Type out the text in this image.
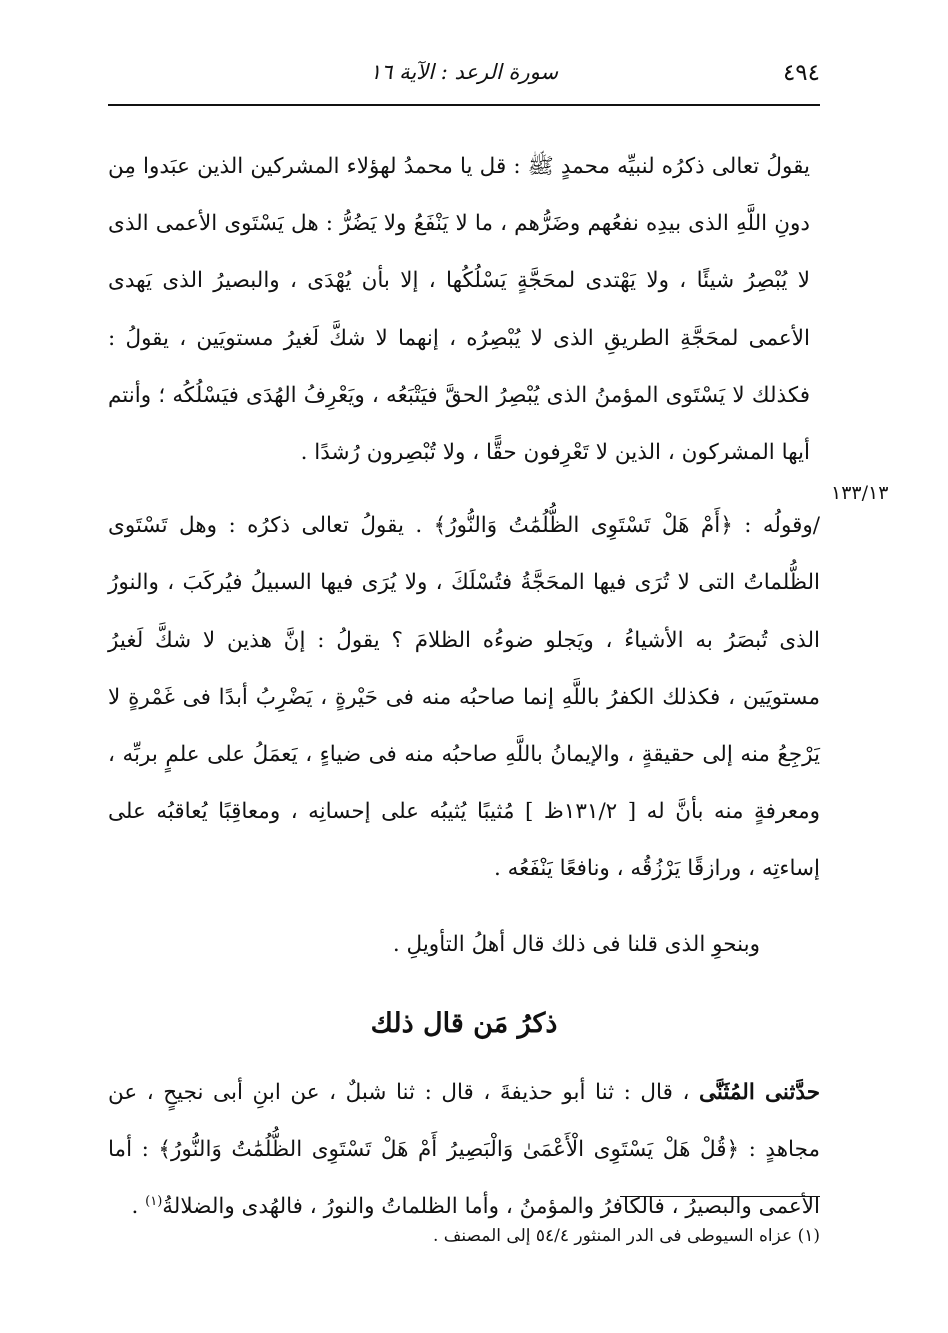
٤٩٤
سورة الرعد : الآية ١٦
١٣٣/١٣

يقولُ تعالى ذكرُه لنبيِّه محمدٍ ﷺ : قل يا محمدُ لهؤلاء المشركين الذين عبَدوا مِن دونِ اللَّهِ الذى بيدِه نفعُهم وضَرُّهم ، ما لا يَنْفَعُ ولا يَضُرُّ : هل يَسْتَوى الأعمى الذى لا يُبْصِرُ شيئًا ، ولا يَهْتدى لمحَجَّةٍ يَسْلُكُها ، إلا بأن يُهْدَى ، والبصيرُ الذى يَهدى الأعمى لمحَجَّةِ الطريقِ الذى لا يُبْصِرُه ، إنهما لا شكَّ لَغيرُ مستويَين ، يقولُ : فكذلك لا يَسْتَوى المؤمنُ الذى يُبْصِرُ الحقَّ فيَتْبَعُه ، ويَعْرِفُ الهُدَى فيَسْلُكُه ؛ وأنتم أيها المشركون ، الذين لا تَعْرِفون حقًّا ، ولا تُبْصِرون رُشدًا .

/وقولُه : ﴿أَمْ هَلْ تَسْتَوِى الظُّلُمَٰتُ وَالنُّورُ﴾ . يقولُ تعالى ذكرُه : وهل تَسْتَوى الظُّلماتُ التى لا تُرَى فيها المحَجَّةُ فتُسْلَكَ ، ولا يُرَى فيها السبيلُ فيُركَبَ ، والنورُ الذى تُبصَرُ به الأشياءُ ، ويَجلو ضوءُه الظلامَ ؟ يقولُ : إنَّ هذين لا شكَّ لَغيرُ مستويَين ، فكذلك الكفرُ باللَّهِ إنما صاحبُه منه فى حَيْرةٍ ، يَضْرِبُ أبدًا فى غَمْرةٍ لا يَرْجِعُ منه إلى حقيقةٍ ، والإيمانُ باللَّهِ صاحبُه منه فى ضياءٍ ، يَعمَلُ على علمٍ بربِّه ، ومعرفةٍ منه بأنَّ له [ ١٣١/٢ظ ] مُثيبًا يُثيبُه على إحسانِه ، ومعاقِبًا يُعاقبُه على إساءتِه ، ورازقًا يَرْزُقُه ، ونافعًا يَنْفَعُه .

وبنحوِ الذى قلنا فى ذلك قال أهلُ التأويلِ .

ذكرُ مَن قال ذلك

حدَّثنى المُثَنَّى ، قال : ثنا أبو حذيفةَ ، قال : ثنا شبلٌ ، عن ابنِ أبى نجيحٍ ، عن مجاهدٍ : ﴿قُلْ هَلْ يَسْتَوِى الْأَعْمَىٰ وَالْبَصِيرُ أَمْ هَلْ تَسْتَوِى الظُّلُمَٰتُ وَالنُّورُ﴾ : أما الأعمى والبصيرُ ، فالكافرُ والمؤمنُ ، وأما الظلماتُ والنورُ ، فالهُدى والضلالةُ$^{(١)}$ .

(١) عزاه السيوطى فى الدر المنثور ٥٤/٤ إلى المصنف .
